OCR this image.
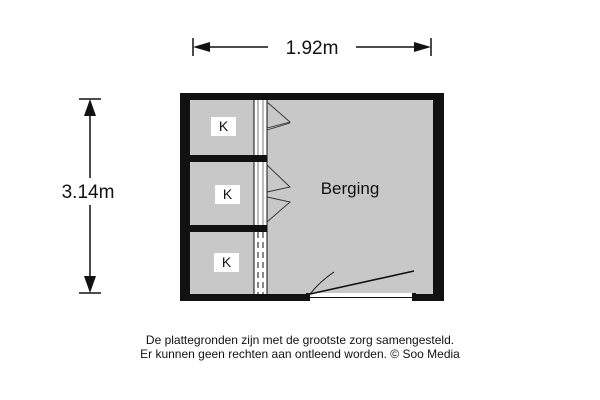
1.92m
3.14m	Berging
K
K
K
De plattegronden zijn met de grootste zorg samengesteld.
Er kunnen geen rechten aan ontleend worden. © Soo Media
